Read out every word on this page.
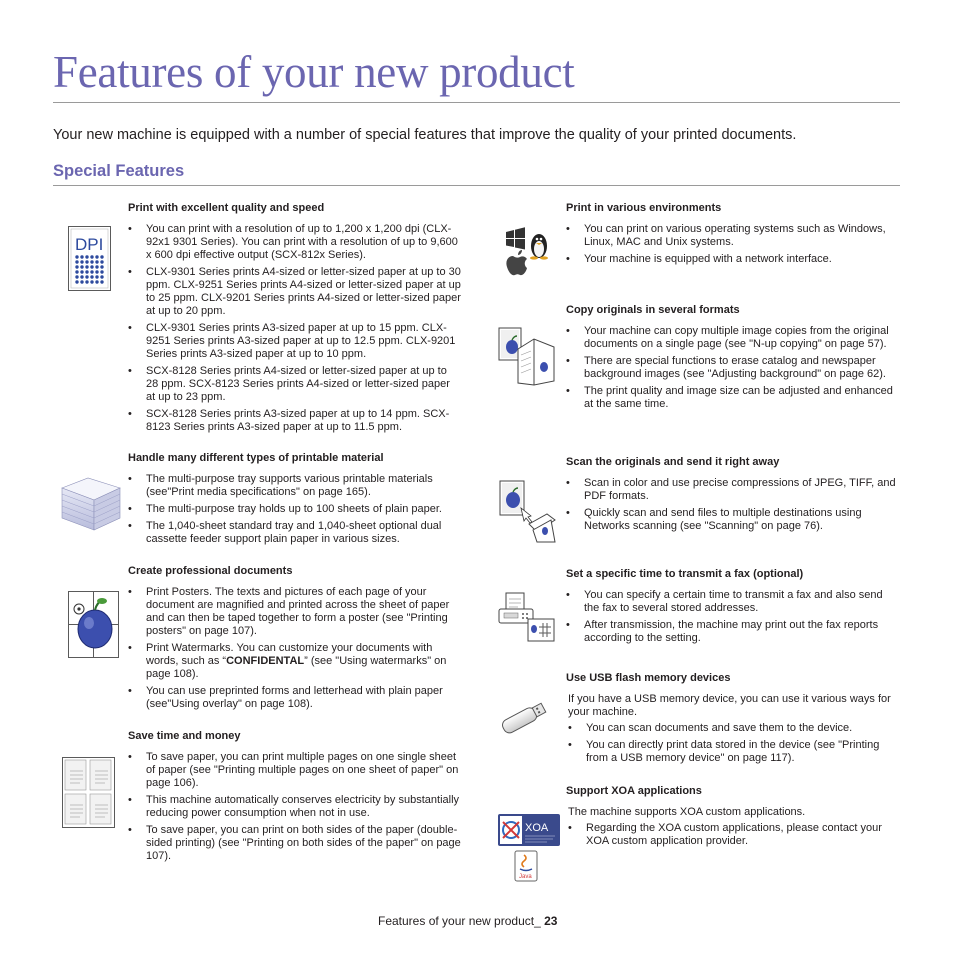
Features of your new product

Your new machine is equipped with a number of special features that improve the quality of your printed documents.

Special Features
DPI
Print with excellent quality and speed
• You can print with a resolution of up to 1,200 x 1,200 dpi (CLX-92x1 9301 Series). You can print with a resolution of up to 9,600 x 600 dpi effective output (SCX-812x Series).
• CLX-9301 Series prints A4-sized or letter-sized paper at up to 30 ppm. CLX-9251 Series prints A4-sized or letter-sized paper at up to 25 ppm. CLX-9201 Series prints A4-sized or letter-sized paper at up to 20 ppm.
• CLX-9301 Series prints A3-sized paper at up to 15 ppm. CLX-9251 Series prints A3-sized paper at up to 12.5 ppm. CLX-9201 Series prints A3-sized paper at up to 10 ppm.
• SCX-8128 Series prints A4-sized or letter-sized paper at up to 28 ppm. SCX-8123 Series prints A4-sized or letter-sized paper at up to 23 ppm.
• SCX-8128 Series prints A3-sized paper at up to 14 ppm. SCX-8123 Series prints A3-sized paper at up to 11.5 ppm.
Handle many different types of printable material
• The multi-purpose tray supports various printable materials (see"Print media specifications" on page 165).
• The multi-purpose tray holds up to 100 sheets of plain paper.
• The 1,040-sheet standard tray and 1,040-sheet optional dual cassette feeder support plain paper in various sizes.
Create professional documents
• Print Posters. The texts and pictures of each page of your document are magnified and printed across the sheet of paper and can then be taped together to form a poster (see "Printing posters" on page 107).
• Print Watermarks. You can customize your documents with words, such as “CONFIDENTAL” (see "Using watermarks" on page 108).
• You can use preprinted forms and letterhead with plain paper (see"Using overlay" on page 108).
Save time and money
• To save paper, you can print multiple pages on one single sheet of paper (see "Printing multiple pages on one sheet of paper" on page 106).
• This machine automatically conserves electricity by substantially reducing power consumption when not in use.
• To save paper, you can print on both sides of the paper (double-sided printing) (see "Printing on both sides of the paper" on page 107).
Print in various environments
• You can print on various operating systems such as Windows, Linux, MAC and Unix systems.
• Your machine is equipped with a network interface.
Copy originals in several formats
• Your machine can copy multiple image copies from the original documents on a single page (see "N-up copying" on page 57).
• There are special functions to erase catalog and newspaper background images (see "Adjusting background" on page 62).
• The print quality and image size can be adjusted and enhanced at the same time.
Scan the originals and send it right away
• Scan in color and use precise compressions of JPEG, TIFF, and PDF formats.
• Quickly scan and send files to multiple destinations using Networks scanning (see "Scanning" on page 76).
Set a specific time to transmit a fax (optional)
• You can specify a certain time to transmit a fax and also send the fax to several stored addresses.
• After transmission, the machine may print out the fax reports according to the setting.
Use USB flash memory devices

If you have a USB memory device, you can use it various ways for your machine.

• You can scan documents and save them to the device.
• You can directly print data stored in the device (see "Printing from a USB memory device" on page 117).
XOA
Java
Support XOA applications

The machine supports XOA custom applications.

• Regarding the XOA custom applications, please contact your XOA custom application provider.
Features of your new product_ 23
